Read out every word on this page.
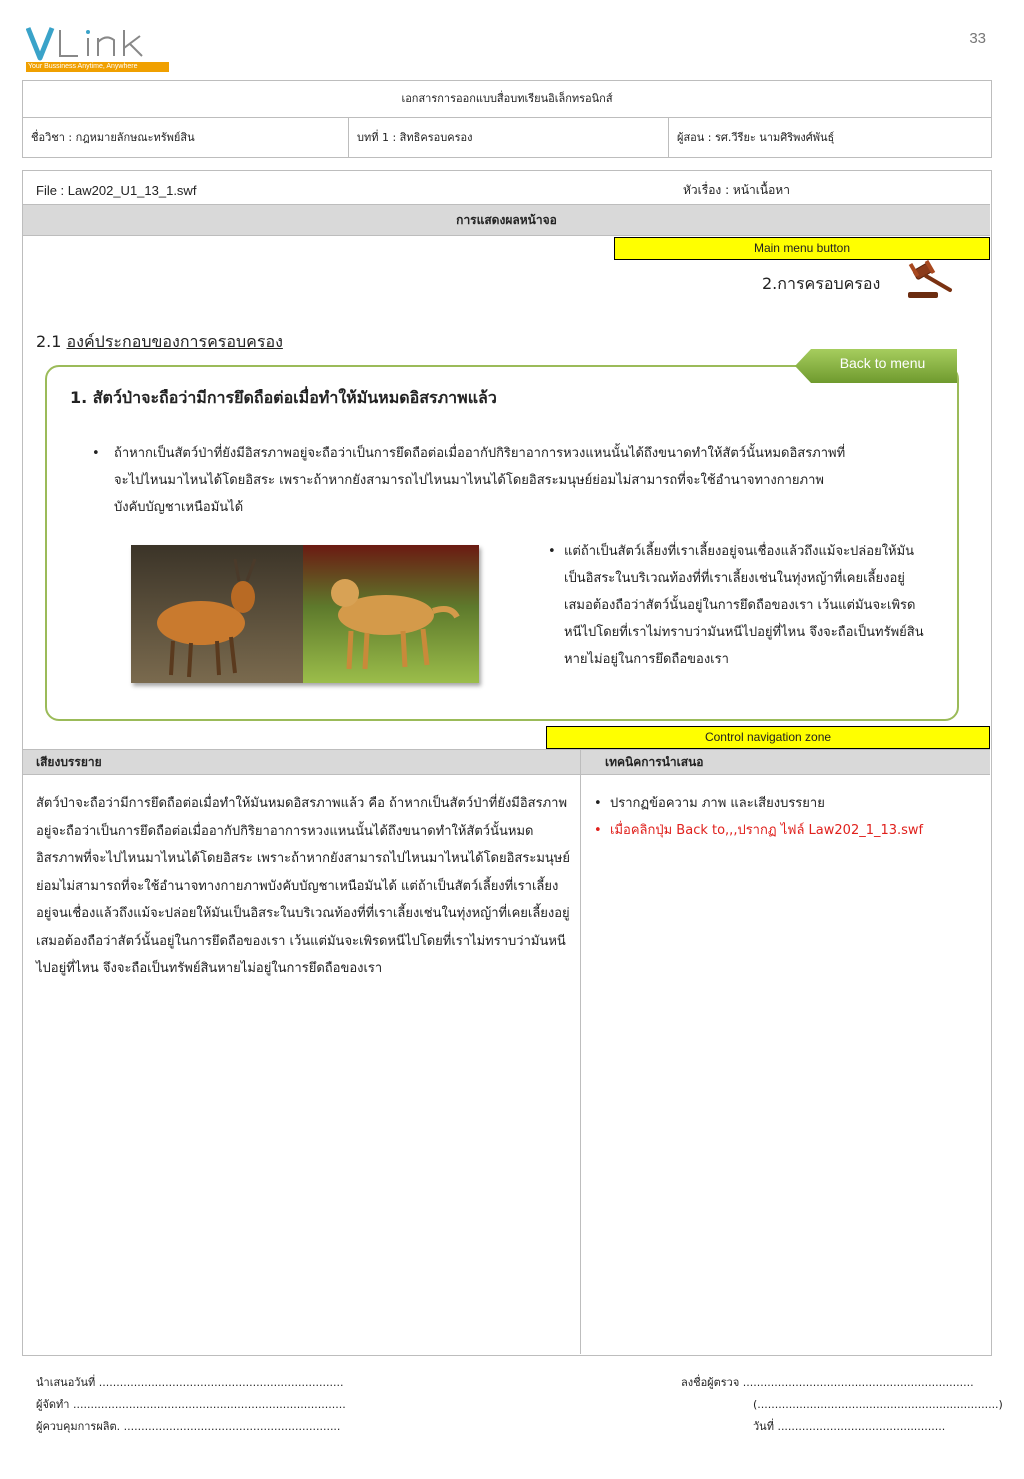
33
Your Bussiness Anytime, Anywhere
เอกสารการออกแบบสื่อบทเรียนอิเล็กทรอนิกส์
ชื่อวิชา : กฎหมายลักษณะทรัพย์สิน	บทที่ 1 : สิทธิครอบครอง	ผู้สอน : รศ.วีรียะ นามศิริพงศ์พันธุ์
File : Law202_U1_13_1.swf	หัวเรื่อง : หน้าเนื้อหา
การแสดงผลหน้าจอ
Main menu button
2.การครอบครอง
2.1 องค์ประกอบของการครอบครอง
Back to menu
1. สัตว์ป่าจะถือว่ามีการยึดถือต่อเมื่อทำให้มันหมดอิสรภาพแล้ว
• ถ้าหากเป็นสัตว์ป่าที่ยังมีอิสรภาพอยู่จะถือว่าเป็นการยึดถือต่อเมื่ออากัปกิริยาอาการหวงแหนนั้นได้ถึงขนาดทำให้สัตว์นั้นหมดอิสรภาพที่จะไปไหนมาไหนได้โดยอิสระ เพราะถ้าหากยังสามารถไปไหนมาไหนได้โดยอิสระมนุษย์ย่อมไม่สามารถที่จะใช้อำนาจทางกายภาพบังคับบัญชาเหนือมันได้
• แต่ถ้าเป็นสัตว์เลี้ยงที่เราเลี้ยงอยู่จนเชื่องแล้วถึงแม้จะปล่อยให้มันเป็นอิสระในบริเวณท้องที่ที่เราเลี้ยงเช่นในทุ่งหญ้าที่เคยเลี้ยงอยู่เสมอต้องถือว่าสัตว์นั้นอยู่ในการยึดถือของเรา เว้นแต่มันจะเพิรดหนีไปโดยที่เราไม่ทราบว่ามันหนีไปอยู่ที่ไหน จึงจะถือเป็นทรัพย์สินหายไม่อยู่ในการยึดถือของเรา
Control navigation zone
เสียงบรรยาย	เทคนิคการนำเสนอ
สัตว์ป่าจะถือว่ามีการยึดถือต่อเมื่อทำให้มันหมดอิสรภาพแล้ว คือ ถ้าหากเป็นสัตว์ป่าที่ยังมีอิสรภาพอยู่จะถือว่าเป็นการยึดถือต่อเมื่ออากัปกิริยาอาการหวงแหนนั้นได้ถึงขนาดทำให้สัตว์นั้นหมดอิสรภาพที่จะไปไหนมาไหนได้โดยอิสระ เพราะถ้าหากยังสามารถไปไหนมาไหนได้โดยอิสระมนุษย์ย่อมไม่สามารถที่จะใช้อำนาจทางกายภาพบังคับบัญชาเหนือมันได้ แต่ถ้าเป็นสัตว์เลี้ยงที่เราเลี้ยงอยู่จนเชื่องแล้วถึงแม้จะปล่อยให้มันเป็นอิสระในบริเวณท้องที่ที่เราเลี้ยงเช่นในทุ่งหญ้าที่เคยเลี้ยงอยู่เสมอต้องถือว่าสัตว์นั้นอยู่ในการยึดถือของเรา เว้นแต่มันจะเพิรดหนีไปโดยที่เราไม่ทราบว่ามันหนีไปอยู่ที่ไหน จึงจะถือเป็นทรัพย์สินหายไม่อยู่ในการยึดถือของเรา
• ปรากฏข้อความ ภาพ และเสียงบรรยาย
• เมื่อคลิกปุ่ม Back to,,,ปรากฏ ไฟล์ Law202_1_13.swf
นำเสนอวันที่ ......................................................................
ผู้จัดทำ ..............................................................................
ผู้ควบคุมการผลิต. ..............................................................
ลงชื่อผู้ตรวจ ..................................................................
(.....................................................................)
วันที่ ................................................
